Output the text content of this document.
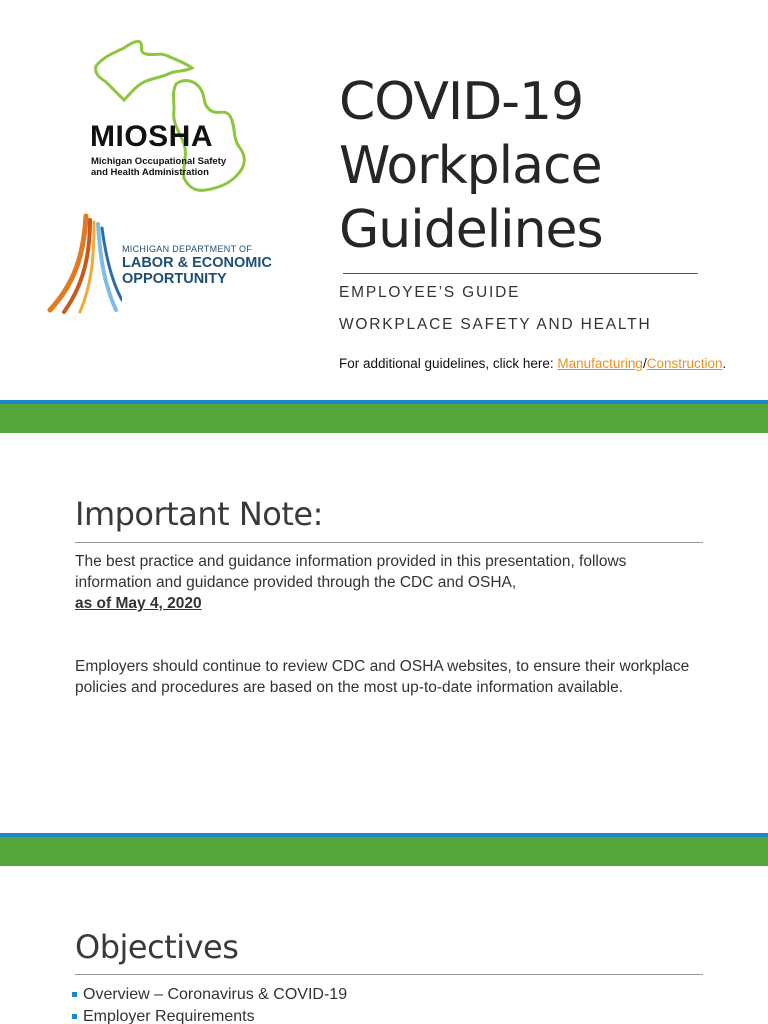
MIOSHA
Michigan Occupational Safety
and Health Administration
MICHIGAN DEPARTMENT OF
LABOR & ECONOMIC
OPPORTUNITY
COVID-19
Workplace
Guidelines
EMPLOYEE’S GUIDE
WORKPLACE SAFETY AND HEALTH
For additional guidelines, click here: Manufacturing/Construction.
Important Note:
The best practice and guidance information provided in this presentation, follows information and guidance provided through the CDC and OSHA,
as of May 4, 2020
Employers should continue to review CDC and OSHA websites, to ensure their workplace policies and procedures are based on the most up-to-date information available.
Objectives
Overview – Coronavirus & COVID-19
Employer Requirements
